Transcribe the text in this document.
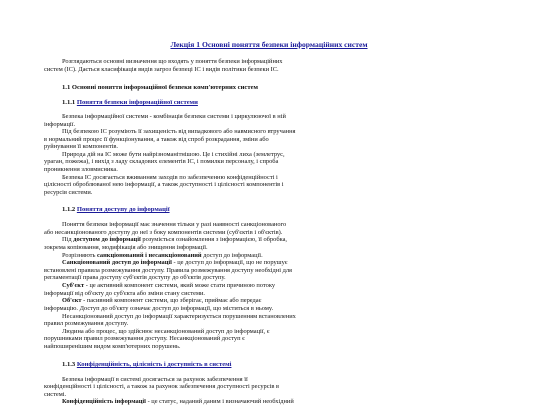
Лекція 1 Основні поняття безпеки інформаційних систем
Розглядаються основні визначення що входять у поняття безпеки інформаційних
систем (ІС). Дається класифікація видів загроз безпеці ІС і видів політики безпеки ІС.
1.1 Основні поняття інформаційної безпеки комп'ютерних систем
1.1.1 Поняття безпеки інформаційної системи
Безпека інформаційної системи - комбінація безпеки системи і циркулюючої в ній
інформації.
Під безпекою ІС розуміють її захищеність від випадкового або навмисного втручання
в нормальний процес її функціонування, а також від спроб розкрадання, зміни або
руйнування її компонентів.
Природа дій на ІС може бути найрізноманітнішою. Це і стихійні лиха (землетрус,
ураган, пожежа), і вихід з ладу складових елементів ІС, і помилки персоналу, і спроба
проникнення зловмисника.
Безпека ІС досягається вживанням заходів по забезпеченню конфіденційності і
цілісності оброблюваної нею інформації, а також доступності і цілісності компонентів і
ресурсів системи.
1.1.2 Поняття доступу до інформації
Поняття безпеки інформації має значення тільки у разі наявності санкціонованого
або несанкціонованого доступу до неї з боку компонентів системи (суб'єктів і об'єктів).
Під доступом до інформації розуміється ознайомлення з інформацією, її обробка,
зокрема копіювання, модифікація або знищення інформації.
Розрізняють санкціонований і несанкціонований доступ до інформації.
Санкціонований доступ до інформації - це доступ до інформації, що не порушує
встановлені правила розмежування доступу. Правила розмежування доступу необхідні для
регламентації права доступу суб'єктів доступу до об'єктів доступу.
Суб'єкт - це активний компонент системи, який може стати причиною потоку
інформації від об'єкту до суб'єкта або зміни стану системи.
Об'єкт - пасивний компонент системи, що зберігає, приймає або передає
інформацію. Доступ до об'єкту означає доступ до інформації, що міститься в ньому.
Несанкціонований доступ до інформації характеризується порушенням встановлених
правил розмежування доступу.
Людина або процес, що здійснює несанкціонований доступ до інформації, є
порушниками правил розмежування доступу. Несанкціонований доступ є
найпоширенішим видом комп'ютерних порушень.
1.1.3 Конфіденційність, цілісність і доступність в системі
Безпека інформації в системі досягається за рахунок забезпечення її
конфіденційності і цілісності, а також за рахунок забезпечення доступності ресурсів в
системі.
Конфіденційність інформації - це статус, наданий даним і визначаючий необхідний
